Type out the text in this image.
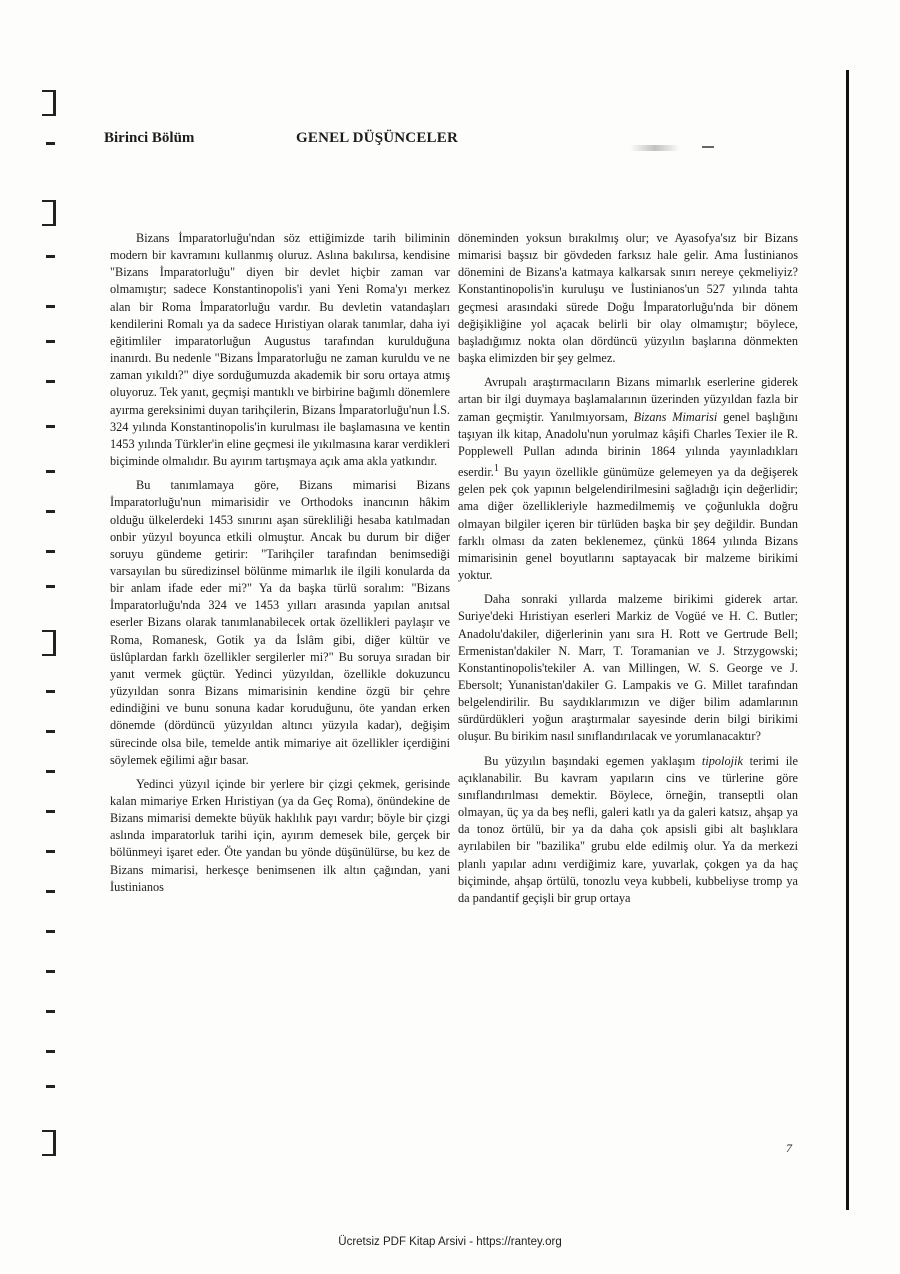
Birinci Bölüm	GENEL DÜŞÜNCELER

Bizans İmparatorluğu'ndan söz ettiğimizde tarih biliminin modern bir kavramını kullanmış oluruz. Aslına bakılırsa, kendisine "Bizans İmparatorluğu" diyen bir devlet hiçbir zaman var olmamıştır; sadece Konstantinopolis'i yani Yeni Roma'yı merkez alan bir Roma İmparatorluğu vardır. Bu devletin vatandaşları kendilerini Romalı ya da sadece Hıristiyan olarak tanımlar, daha iyi eğitimliler imparatorluğun Augustus tarafından kurulduğuna inanırdı. Bu nedenle "Bizans İmparatorluğu ne zaman kuruldu ve ne zaman yıkıldı?" diye sorduğumuzda akademik bir soru ortaya atmış oluyoruz. Tek yanıt, geçmişi mantıklı ve birbirine bağımlı dönemlere ayırma gereksinimi duyan tarihçilerin, Bizans İmparatorluğu'nun İ.S. 324 yılında Konstantinopolis'in kurulması ile başlamasına ve kentin 1453 yılında Türkler'in eline geçmesi ile yıkılmasına karar verdikleri biçiminde olmalıdır. Bu ayırım tartışmaya açık ama akla yatkındır.

Bu tanımlamaya göre, Bizans mimarisi Bizans İmparatorluğu'nun mimarisidir ve Orthodoks inancının hâkim olduğu ülkelerdeki 1453 sınırını aşan sürekliliği hesaba katılmadan onbir yüzyıl boyunca etkili olmuştur. Ancak bu durum bir diğer soruyu gündeme getirir: "Tarihçiler tarafından benimsediği varsayılan bu süredizinsel bölünme mimarlık ile ilgili konularda da bir anlam ifade eder mi?" Ya da başka türlü soralım: "Bizans İmparatorluğu'nda 324 ve 1453 yılları arasında yapılan anıtsal eserler Bizans olarak tanımlanabilecek ortak özellikleri paylaşır ve Roma, Romanesk, Gotik ya da İslâm gibi, diğer kültür ve üslûplardan farklı özellikler sergilerler mi?" Bu soruya sıradan bir yanıt vermek güçtür. Yedinci yüzyıldan, özellikle dokuzuncu yüzyıldan sonra Bizans mimarisinin kendine özgü bir çehre edindiğini ve bunu sonuna kadar koruduğunu, öte yandan erken dönemde (dördüncü yüzyıldan altıncı yüzyıla kadar), değişim sürecinde olsa bile, temelde antik mimariye ait özellikler içerdiğini söylemek eğilimi ağır basar.

Yedinci yüzyıl içinde bir yerlere bir çizgi çekmek, gerisinde kalan mimariye Erken Hıristiyan (ya da Geç Roma), önündekine de Bizans mimarisi demekte büyük haklılık payı vardır; böyle bir çizgi aslında imparatorluk tarihi için, ayırım demesek bile, gerçek bir bölünmeyi işaret eder. Öte yandan bu yönde düşünülürse, bu kez de Bizans mimarisi, herkesçe benimsenen ilk altın çağından, yani İustinianos

döneminden yoksun bırakılmış olur; ve Ayasofya'sız bir Bizans mimarisi başsız bir gövdeden farksız hale gelir. Ama İustinianos dönemini de Bizans'a katmaya kalkarsak sınırı nereye çekmeliyiz? Konstantinopolis'in kuruluşu ve İustinianos'un 527 yılında tahta geçmesi arasındaki sürede Doğu İmparatorluğu'nda bir dönem değişikliğine yol açacak belirli bir olay olmamıştır; böylece, başladığımız nokta olan dördüncü yüzyılın başlarına dönmekten başka elimizden bir şey gelmez.

Avrupalı araştırmacıların Bizans mimarlık eserlerine giderek artan bir ilgi duymaya başlamalarının üzerinden yüzyıldan fazla bir zaman geçmiştir. Yanılmıyorsam, Bizans Mimarisi genel başlığını taşıyan ilk kitap, Anadolu'nun yorulmaz kâşifi Charles Texier ile R. Popplewell Pullan adında birinin 1864 yılında yayınladıkları eserdir.$^1$ Bu yayın özellikle günümüze gelemeyen ya da değişerek gelen pek çok yapının belgelendirilmesini sağladığı için değerlidir; ama diğer özellikleriyle hazmedilmemiş ve çoğunlukla doğru olmayan bilgiler içeren bir türlüden başka bir şey değildir. Bundan farklı olması da zaten beklenemez, çünkü 1864 yılında Bizans mimarisinin genel boyutlarını saptayacak bir malzeme birikimi yoktur.

Daha sonraki yıllarda malzeme birikimi giderek artar. Suriye'deki Hıristiyan eserleri Markiz de Vogüé ve H. C. Butler; Anadolu'dakiler, diğerlerinin yanı sıra H. Rott ve Gertrude Bell; Ermenistan'dakiler N. Marr, T. Toramanian ve J. Strzygowski; Konstantinopolis'tekiler A. van Millingen, W. S. George ve J. Ebersolt; Yunanistan'dakiler G. Lampakis ve G. Millet tarafından belgelendirilir. Bu saydıklarımızın ve diğer bilim adamlarının sürdürdükleri yoğun araştırmalar sayesinde derin bilgi birikimi oluşur. Bu birikim nasıl sınıflandırılacak ve yorumlanacaktır?

Bu yüzyılın başındaki egemen yaklaşım tipolojik terimi ile açıklanabilir. Bu kavram yapıların cins ve türlerine göre sınıflandırılması demektir. Böylece, örneğin, transeptli olan olmayan, üç ya da beş nefli, galeri katlı ya da galeri katsız, ahşap ya da tonoz örtülü, bir ya da daha çok apsisli gibi alt başlıklara ayrılabilen bir "bazilika" grubu elde edilmiş olur. Ya da merkezi planlı yapılar adını verdiğimiz kare, yuvarlak, çokgen ya da haç biçiminde, ahşap örtülü, tonozlu veya kubbeli, kubbeliyse tromp ya da pandantif geçişli bir grup ortaya

7
Ücretsiz PDF Kitap Arsivi - https://rantey.org
